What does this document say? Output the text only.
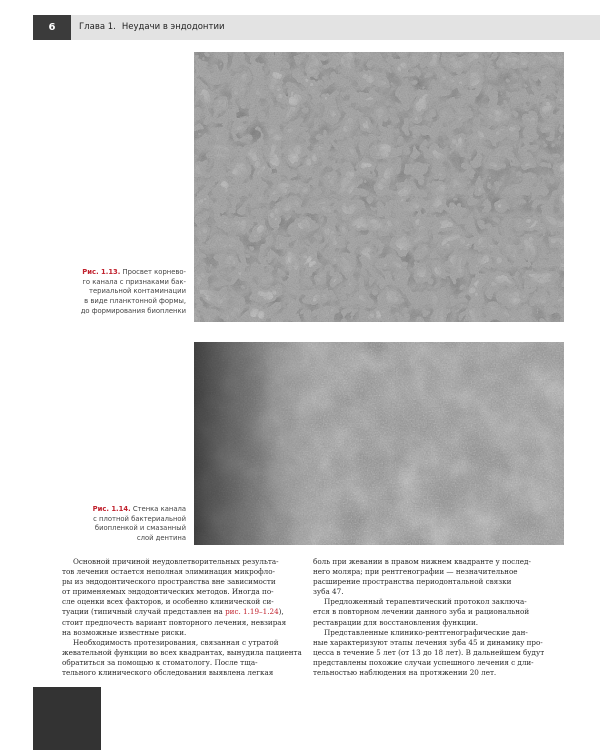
6	Глава 1. Неудачи в эндодонтии
Рис. 1.13. Просвет корнево-
го канала с признаками бак-
териальной контаминации
в виде планктонной формы,
до формирования биопленки
Рис. 1.14. Стенка канала
с плотной бактериальной
биопленкой и смазанный
слой дентина
Основной причиной неудовлетворительных результа-
тов лечения остается неполная элиминация микрофло-
ры из эндодонтического пространства вне зависимости
от применяемых эндодонтических методов. Иногда по-
сле оценки всех факторов, и особенно клинической си-
туации (типичный случай представлен на рис. 1.19–1.24),
стоит предпочесть вариант повторного лечения, невзирая
на возможные известные риски.
Необходимость протезирования, связанная с утратой
жевательной функции во всех квадрантах, вынудила пациента
обратиться за помощью к стоматологу. После тща-
тельного клинического обследования выявлена легкая
боль при жевании в правом нижнем квадранте у послед-
него моляра; при рентгенографии — незначительное
расширение пространства периодонтальной связки
зуба 47.
Предложенный терапевтический протокол заключа-
ется в повторном лечении данного зуба и рациональной
реставрации для восстановления функции.
Представленные клинико-рентгенографические дан-
ные характеризуют этапы лечения зуба 45 и динамику про-
цесса в течение 5 лет (от 13 до 18 лет). В дальнейшем будут
представлены похожие случаи успешного лечения с дли-
тельностью наблюдения на протяжении 20 лет.
